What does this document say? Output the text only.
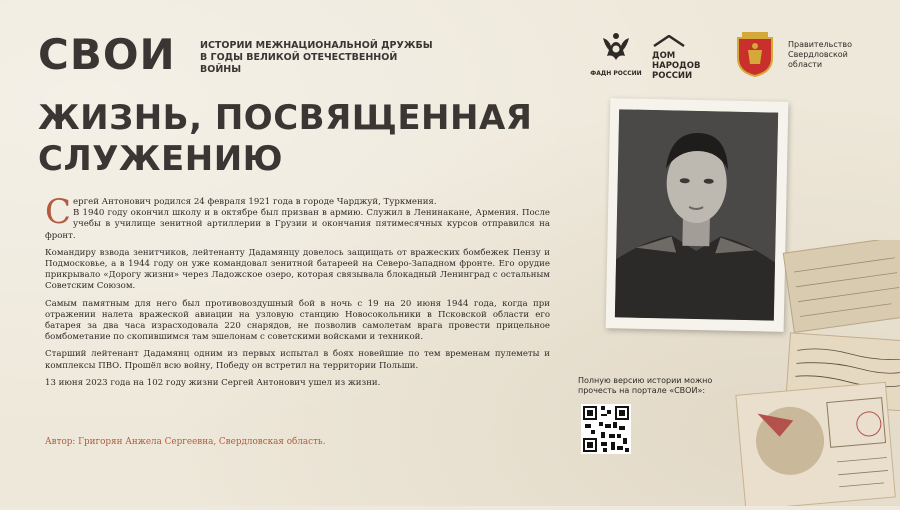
СВОИ	ИСТОРИИ МЕЖНАЦИОНАЛЬНОЙ ДРУЖБЫ В ГОДЫ ВЕЛИКОЙ ОТЕЧЕСТВЕННОЙ ВОЙНЫ	ФАДН РОССИИ
ДОМ НАРОДОВ РОССИИ
Правительство Свердловской области
ЖИЗНЬ, ПОСВЯЩЕННАЯ СЛУЖЕНИЮ

Сергей Антонович родился 24 февраля 1921 года в городе Чарджуй, Туркмения.

В 1940 году окончил школу и в октябре был призван в армию. Служил в Ленинакане, Армения. После учебы в училище зенитной артиллерии в Грузии и окончания пятимесячных курсов отправился на фронт.

Командиру взвода зенитчиков, лейтенанту Дадамянцу довелось защищать от вражеских бомбежек Пензу и Подмосковье, а в 1944 году он уже командовал зенитной батареей на Северо-Западном фронте. Его орудие прикрывало «Дорогу жизни» через Ладожское озеро, которая связывала блокадный Ленинград с остальным Советским Союзом.

Самым памятным для него был противовоздушный бой в ночь с 19 на 20 июня 1944 года, когда при отражении налета вражеской авиации на узловую станцию Новосокольники в Псковской области его батарея за два часа израсходовала 220 снарядов, не позволив самолетам врага провести прицельное бомбометание по скопившимся там эшелонам с советскими войсками и техникой.

Старший лейтенант Дадамянц одним из первых испытал в боях новейшие по тем временам пулеметы и комплексы ПВО. Прошёл всю войну, Победу он встретил на территории Польши.

13 июня 2023 года на 102 году жизни Сергей Антонович ушел из жизни.

Автор: Григорян Анжела Сергеевна, Свердловская область.
Полную версию истории можно прочесть на портале «СВОИ»:
